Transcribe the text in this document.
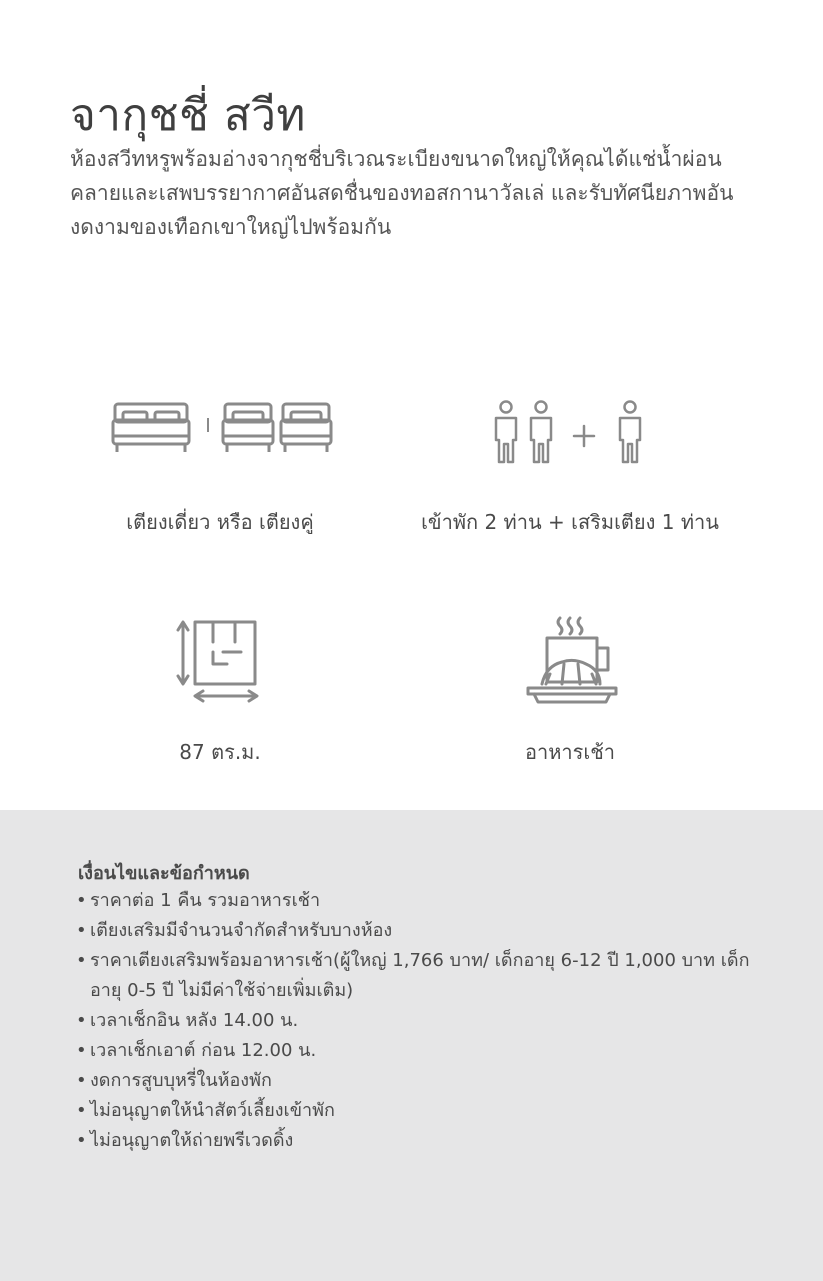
จากุชชี่ สวีท

ห้องสวีทหรูพร้อมอ่างจากุชชี่บริเวณระเบียงขนาดใหญ่ให้คุณได้แช่น้ำผ่อนคลายและเสพบรรยากาศอันสดชื่นของทอสกานาวัลเล่ และรับทัศนียภาพอันงดงามของเทือกเขาใหญ่ไปพร้อมกัน

เตียงเดี่ยว หรือ เตียงคู่	เข้าพัก 2 ท่าน + เสริมเตียง 1 ท่าน
87 ตร.ม.	อาหารเช้า
เงื่อนไขและข้อกำหนด
• ราคาต่อ 1 คืน รวมอาหารเช้า
• เตียงเสริมมีจำนวนจำกัดสำหรับบางห้อง
• ราคาเตียงเสริมพร้อมอาหารเช้า(ผู้ใหญ่ 1,766 บาท/ เด็กอายุ 6-12 ปี 1,000 บาท เด็กอายุ 0-5 ปี ไม่มีค่าใช้จ่ายเพิ่มเติม)
• เวลาเช็กอิน หลัง 14.00 น.
• เวลาเช็กเอาต์ ก่อน 12.00 น.
• งดการสูบบุหรี่ในห้องพัก
• ไม่อนุญาตให้นำสัตว์เลี้ยงเข้าพัก
• ไม่อนุญาตให้ถ่ายพรีเวดดิ้ง
